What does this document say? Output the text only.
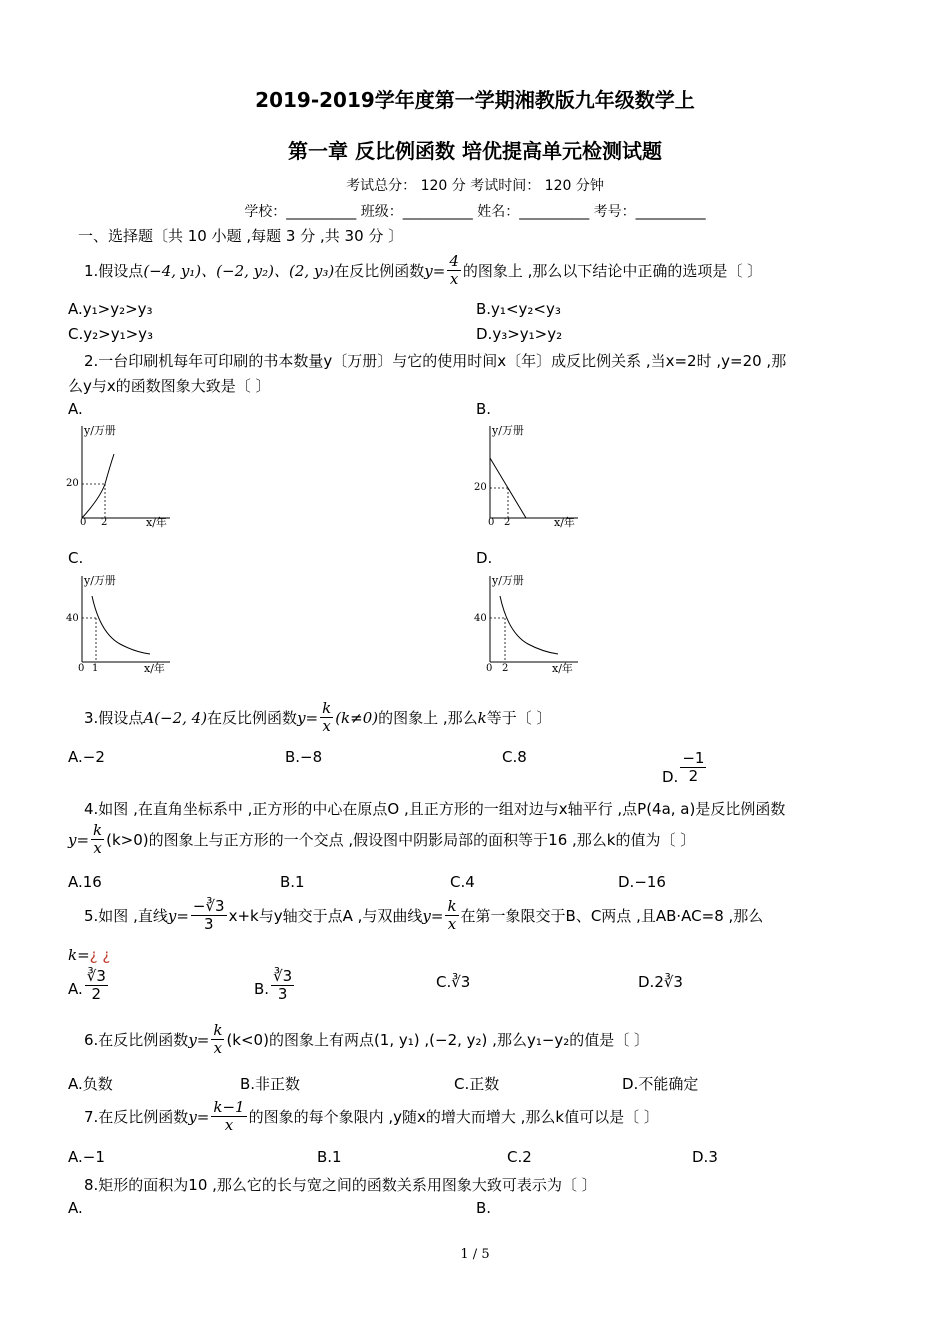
2019-2019学年度第一学期湘教版九年级数学上
第一章 反比例函数 培优提高单元检测试题
考试总分： 120 分 考试时间： 120 分钟
学校：__________ 班级：__________ 姓名：__________ 考号：__________
一、选择题〔共 10 小题 ,每题 3 分 ,共 30 分 〕
1.假设点 (−4, y₁)、(−2, y₂)、(2, y₃) 在反比例函数 $y= \frac{4}{x}$ 的图象上 ,那么以下结论中正确的选项是〔 〕
A.y₁>y₂>y₃	B.y₁<y₂<y₃
C.y₂>y₁>y₃	D.y₃>y₁>y₂
2.一台印刷机每年可印刷的书本数量y〔万册〕与它的使用时间x〔年〕成反比例关系 ,当x=2时 ,y=20 ,那
么y与x的函数图象大致是〔 〕
A.	B.
y/万册
x/年
20
2
0
y/万册
x/年
20
2
0
C.	D.
y/万册
x/年
40
1
0
y/万册
x/年
40
2
0
3.假设点 A(−2, 4) 在反比例函数 $y= \frac{k}{x} (k\ne 0)$ 的图象上 ,那么 k 等于〔 〕
A.−2	B.−8	C.8
D. $\frac{-1}{2}$
4.如图 ,在直角坐标系中 ,正方形的中心在原点O ,且正方形的一组对边与x轴平行 ,点P(4a, a)是反比例函数
$y= \frac{k}{x} (k>0)$的图象上与正方形的一个交点 ,假设图中阴影局部的面积等于16 ,那么k的值为〔 〕
A.16	B.1	C.4	D.−16
5.如图 ,直线 $y= \frac{-∛3}{3} x+k$与y轴交于点A ,与双曲线 $y= \frac{k}{x}$ 在第一象限交于B、C两点 ,且AB⋅AC=8 ,那么
k=¿ ¿
A. $\frac{∛3}{2}$	B. $\frac{∛3}{3}$	C.∛3	D.2∛3
6.在反比例函数 $y= \frac{k}{x} (k<0)$的图象上有两点(1, y₁) ,(−2, y₂) ,那么y₁−y₂的值是〔 〕
A.负数	B.非正数	C.正数	D.不能确定
7.在反比例函数 $y= \frac{k-1}{x}$ 的图象的每个象限内 ,y随x的增大而增大 ,那么k值可以是〔 〕
A.−1	B.1	C.2	D.3
8.矩形的面积为10 ,那么它的长与宽之间的函数关系用图象大致可表示为〔 〕
A.	B.
1 / 5
